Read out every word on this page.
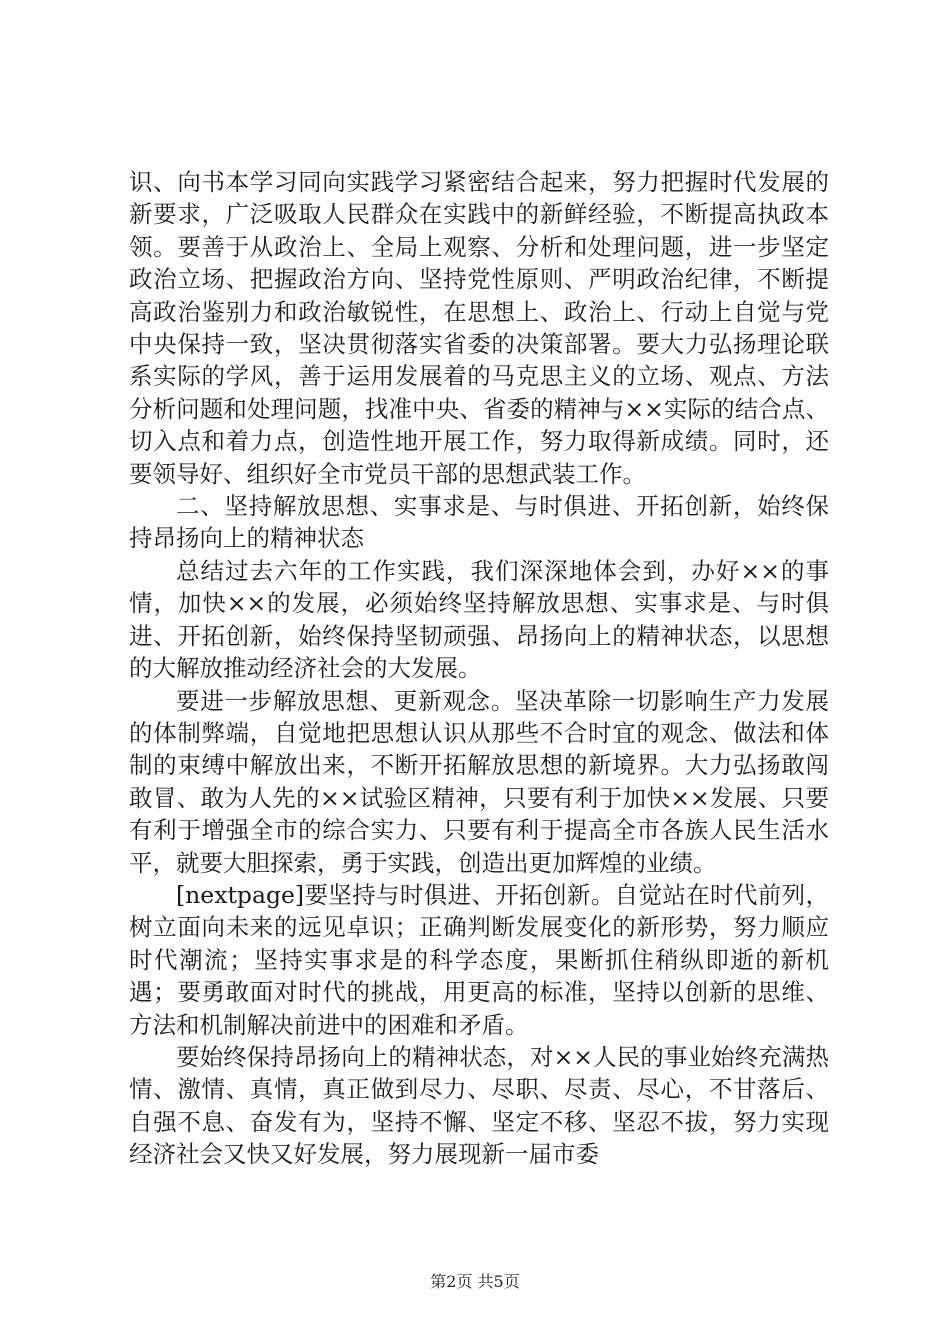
识、向书本学习同向实践学习紧密结合起来，努力把握时代发展的新要求，广泛吸取人民群众在实践中的新鲜经验，不断提高执政本领。要善于从政治上、全局上观察、分析和处理问题，进一步坚定政治立场、把握政治方向、坚持党性原则、严明政治纪律，不断提高政治鉴别力和政治敏锐性，在思想上、政治上、行动上自觉与党中央保持一致，坚决贯彻落实省委的决策部署。要大力弘扬理论联系实际的学风，善于运用发展着的马克思主义的立场、观点、方法分析问题和处理问题，找准中央、省委的精神与××实际的结合点、切入点和着力点，创造性地开展工作，努力取得新成绩。同时，还要领导好、组织好全市党员干部的思想武装工作。

二、坚持解放思想、实事求是、与时俱进、开拓创新，始终保持昂扬向上的精神状态

总结过去六年的工作实践，我们深深地体会到，办好××的事情，加快××的发展，必须始终坚持解放思想、实事求是、与时俱进、开拓创新，始终保持坚韧顽强、昂扬向上的精神状态，以思想的大解放推动经济社会的大发展。

要进一步解放思想、更新观念。坚决革除一切影响生产力发展的体制弊端，自觉地把思想认识从那些不合时宜的观念、做法和体制的束缚中解放出来，不断开拓解放思想的新境界。大力弘扬敢闯敢冒、敢为人先的××试验区精神，只要有利于加快××发展、只要有利于增强全市的综合实力、只要有利于提高全市各族人民生活水平，就要大胆探索，勇于实践，创造出更加辉煌的业绩。

[nextpage]要坚持与时俱进、开拓创新。自觉站在时代前列，树立面向未来的远见卓识；正确判断发展变化的新形势，努力顺应时代潮流；坚持实事求是的科学态度，果断抓住稍纵即逝的新机遇；要勇敢面对时代的挑战，用更高的标准，坚持以创新的思维、方法和机制解决前进中的困难和矛盾。

要始终保持昂扬向上的精神状态，对××人民的事业始终充满热情、激情、真情，真正做到尽力、尽职、尽责、尽心，不甘落后、自强不息、奋发有为，坚持不懈、坚定不移、坚忍不拔，努力实现经济社会又快又好发展，努力展现新一届市委

第2页 共5页
